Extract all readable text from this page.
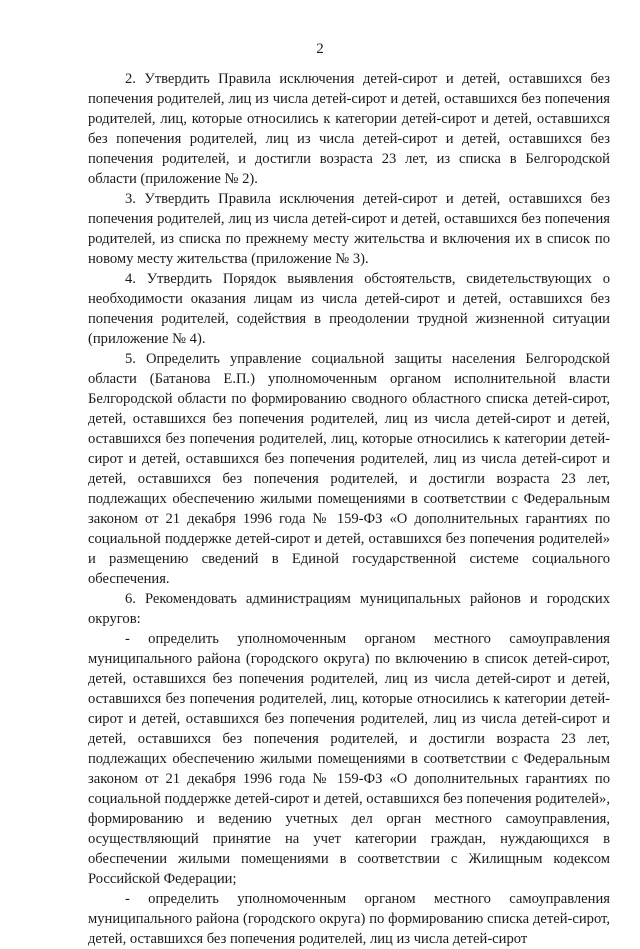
2

2. Утвердить Правила исключения детей-сирот и детей, оставшихся без попечения родителей, лиц из числа детей-сирот и детей, оставшихся без попечения родителей, лиц, которые относились к категории детей-сирот и детей, оставшихся без попечения родителей, лиц из числа детей-сирот и детей, оставшихся без попечения родителей, и достигли возраста 23 лет, из списка в Белгородской области (приложение № 2).

3. Утвердить Правила исключения детей-сирот и детей, оставшихся без попечения родителей, лиц из числа детей-сирот и детей, оставшихся без попечения родителей, из списка по прежнему месту жительства и включения их в список по новому месту жительства (приложение № 3).

4. Утвердить Порядок выявления обстоятельств, свидетельствующих о необходимости оказания лицам из числа детей-сирот и детей, оставшихся без попечения родителей, содействия в преодолении трудной жизненной ситуации (приложение № 4).

5. Определить управление социальной защиты населения Белгородской области (Батанова Е.П.) уполномоченным органом исполнительной власти Белгородской области по формированию сводного областного списка детей-сирот, детей, оставшихся без попечения родителей, лиц из числа детей-сирот и детей, оставшихся без попечения родителей, лиц, которые относились к категории детей-сирот и детей, оставшихся без попечения родителей, лиц из числа детей-сирот и детей, оставшихся без попечения родителей, и достигли возраста 23 лет, подлежащих обеспечению жилыми помещениями в соответствии с Федеральным законом от 21 декабря 1996 года № 159-ФЗ «О дополнительных гарантиях по социальной поддержке детей-сирот и детей, оставшихся без попечения родителей» и размещению сведений в Единой государственной системе социального обеспечения.

6. Рекомендовать администрациям муниципальных районов и городских округов:

- определить уполномоченным органом местного самоуправления муниципального района (городского округа) по включению в список детей-сирот, детей, оставшихся без попечения родителей, лиц из числа детей-сирот и детей, оставшихся без попечения родителей, лиц, которые относились к категории детей-сирот и детей, оставшихся без попечения родителей, лиц из числа детей-сирот и детей, оставшихся без попечения родителей, и достигли возраста 23 лет, подлежащих обеспечению жилыми помещениями в соответствии с Федеральным законом от 21 декабря 1996 года № 159-ФЗ «О дополнительных гарантиях по социальной поддержке детей-сирот и детей, оставшихся без попечения родителей», формированию и ведению учетных дел орган местного самоуправления, осуществляющий принятие на учет категории граждан, нуждающихся в обеспечении жилыми помещениями в соответствии с Жилищным кодексом Российской Федерации;

- определить уполномоченным органом местного самоуправления муниципального района (городского округа) по формированию списка детей-сирот, детей, оставшихся без попечения родителей, лиц из числа детей-сирот
